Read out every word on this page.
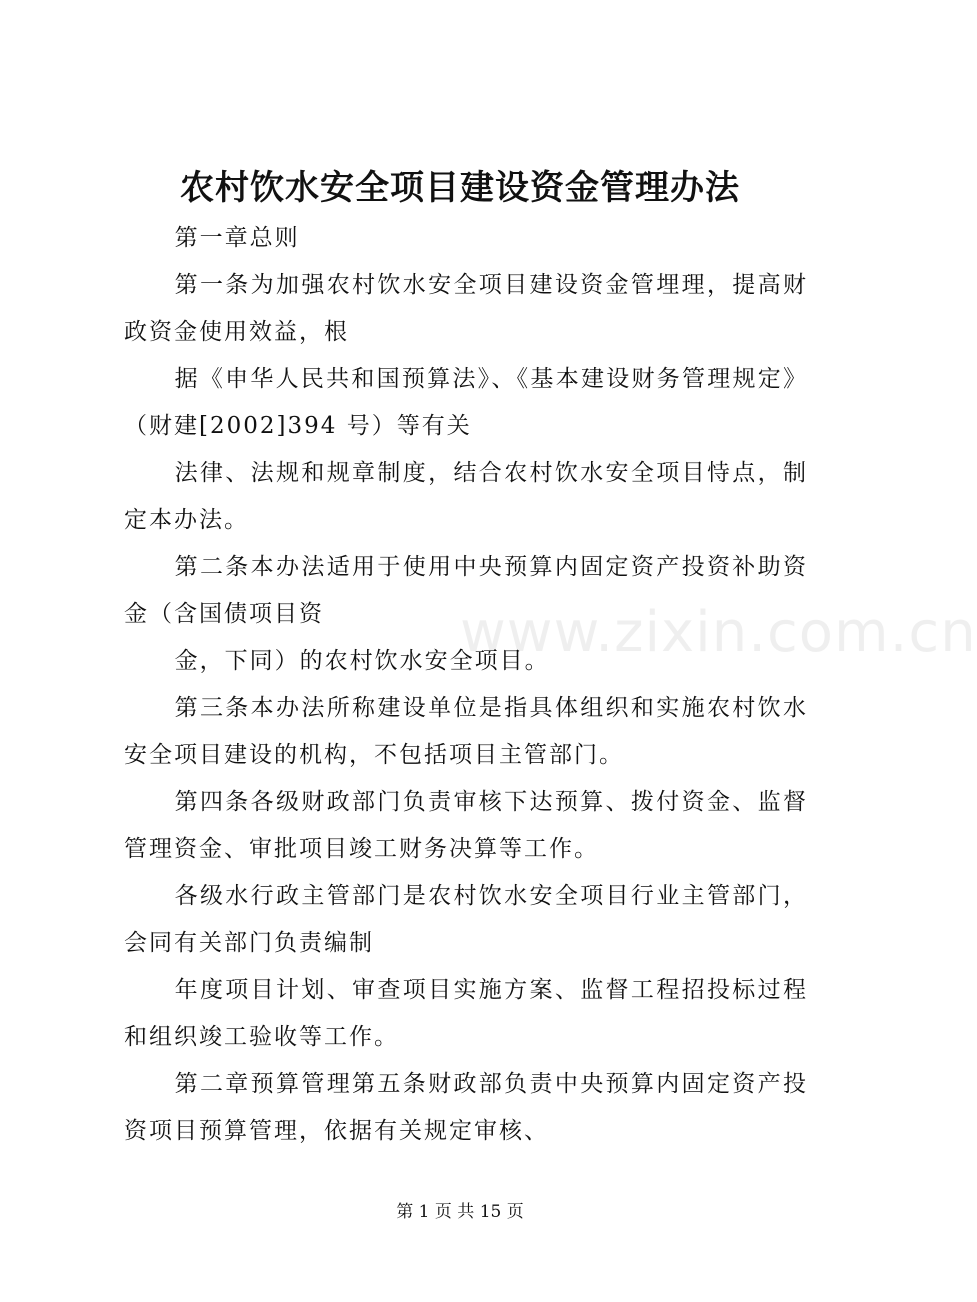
农村饮水安全项目建设资金管理办法

第一章总则

第一条为加强农村饮水安全项目建设资金管埋理，提高财政资金使用效益，根

据《申华人民共和国预算法》、《基本建设财务管理规定》（财建[2002]394 号）等有关

法律、法规和规章制度，结合农村饮水安全项目恃点，制定本办法。

第二条本办法适用于使用中央预算内固定资产投资补助资金（含国债项目资

金，下同）的农村饮水安全项目。

第三条本办法所称建设单位是指具体组织和实施农村饮水安全项目建设的机构，不包括项目主管部门。

第四条各级财政部门负责审核下达预算、拨付资金、监督管理资金、审批项目竣工财务决算等工作。

各级水行政主管部门是农村饮水安全项目行业主管部门，会同有关部门负责编制

年度项目计划、审查项目实施方案、监督工程招投标过程和组织竣工验收等工作。

第二章预算管理第五条财政部负责中央预算内固定资产投资项目预算管理，依据有关规定审核、

www.zixin.com.cn
第 1 页 共 15 页
